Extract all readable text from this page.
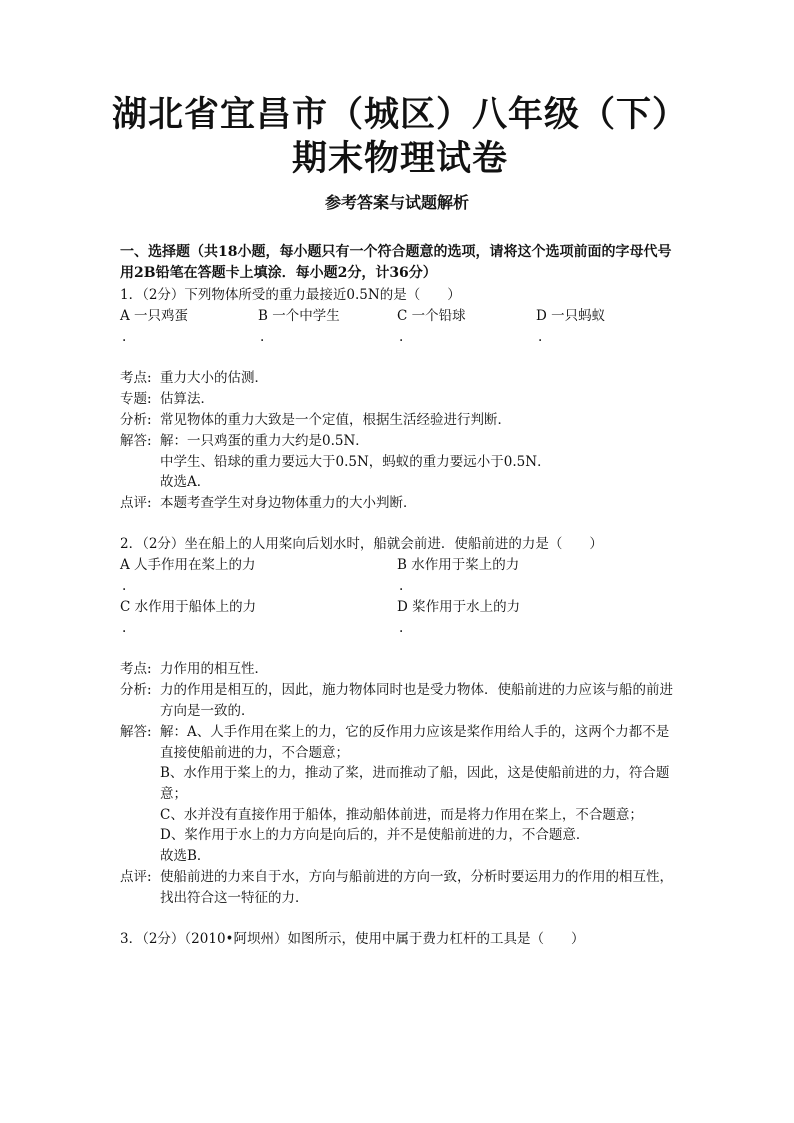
湖北省宜昌市（城区）八年级（下）期末物理试卷
参考答案与试题解析
一、选择题（共18小题，每小题只有一个符合题意的选项，请将这个选项前面的字母代号用2B铅笔在答题卡上填涂．每小题2分，计36分）
1．（2分）下列物体所受的重力最接近0.5N的是（　　）
A 一只鸡蛋	B 一个中学生	C 一个铅球	D 一只蚂蚁
.	.	.	.
考点: 重力大小的估测．
专题: 估算法．
分析: 常见物体的重力大致是一个定值，根据生活经验进行判断．
解答: 解：一只鸡蛋的重力大约是0.5N．
中学生、铅球的重力要远大于0.5N，蚂蚁的重力要远小于0.5N．
故选A．
点评: 本题考查学生对身边物体重力的大小判断．
2．（2分）坐在船上的人用桨向后划水时，船就会前进．使船前进的力是（　　）
A 人手作用在桨上的力	B 水作用于桨上的力
.	.
C 水作用于船体上的力	D 桨作用于水上的力
.	.
考点: 力作用的相互性．
分析: 力的作用是相互的，因此，施力物体同时也是受力物体．使船前进的力应该与船的前进方向是一致的．
解答: 解：A、人手作用在桨上的力，它的反作用力应该是桨作用给人手的，这两个力都不是直接使船前进的力，不合题意；
B、水作用于桨上的力，推动了桨，进而推动了船，因此，这是使船前进的力，符合题意；
C、水并没有直接作用于船体，推动船体前进，而是将力作用在桨上，不合题意；
D、桨作用于水上的力方向是向后的，并不是使船前进的力，不合题意．
故选B．
点评: 使船前进的力来自于水，方向与船前进的方向一致，分析时要运用力的作用的相互性，找出符合这一特征的力．
3．（2分）（2010•阿坝州）如图所示，使用中属于费力杠杆的工具是（　　）
